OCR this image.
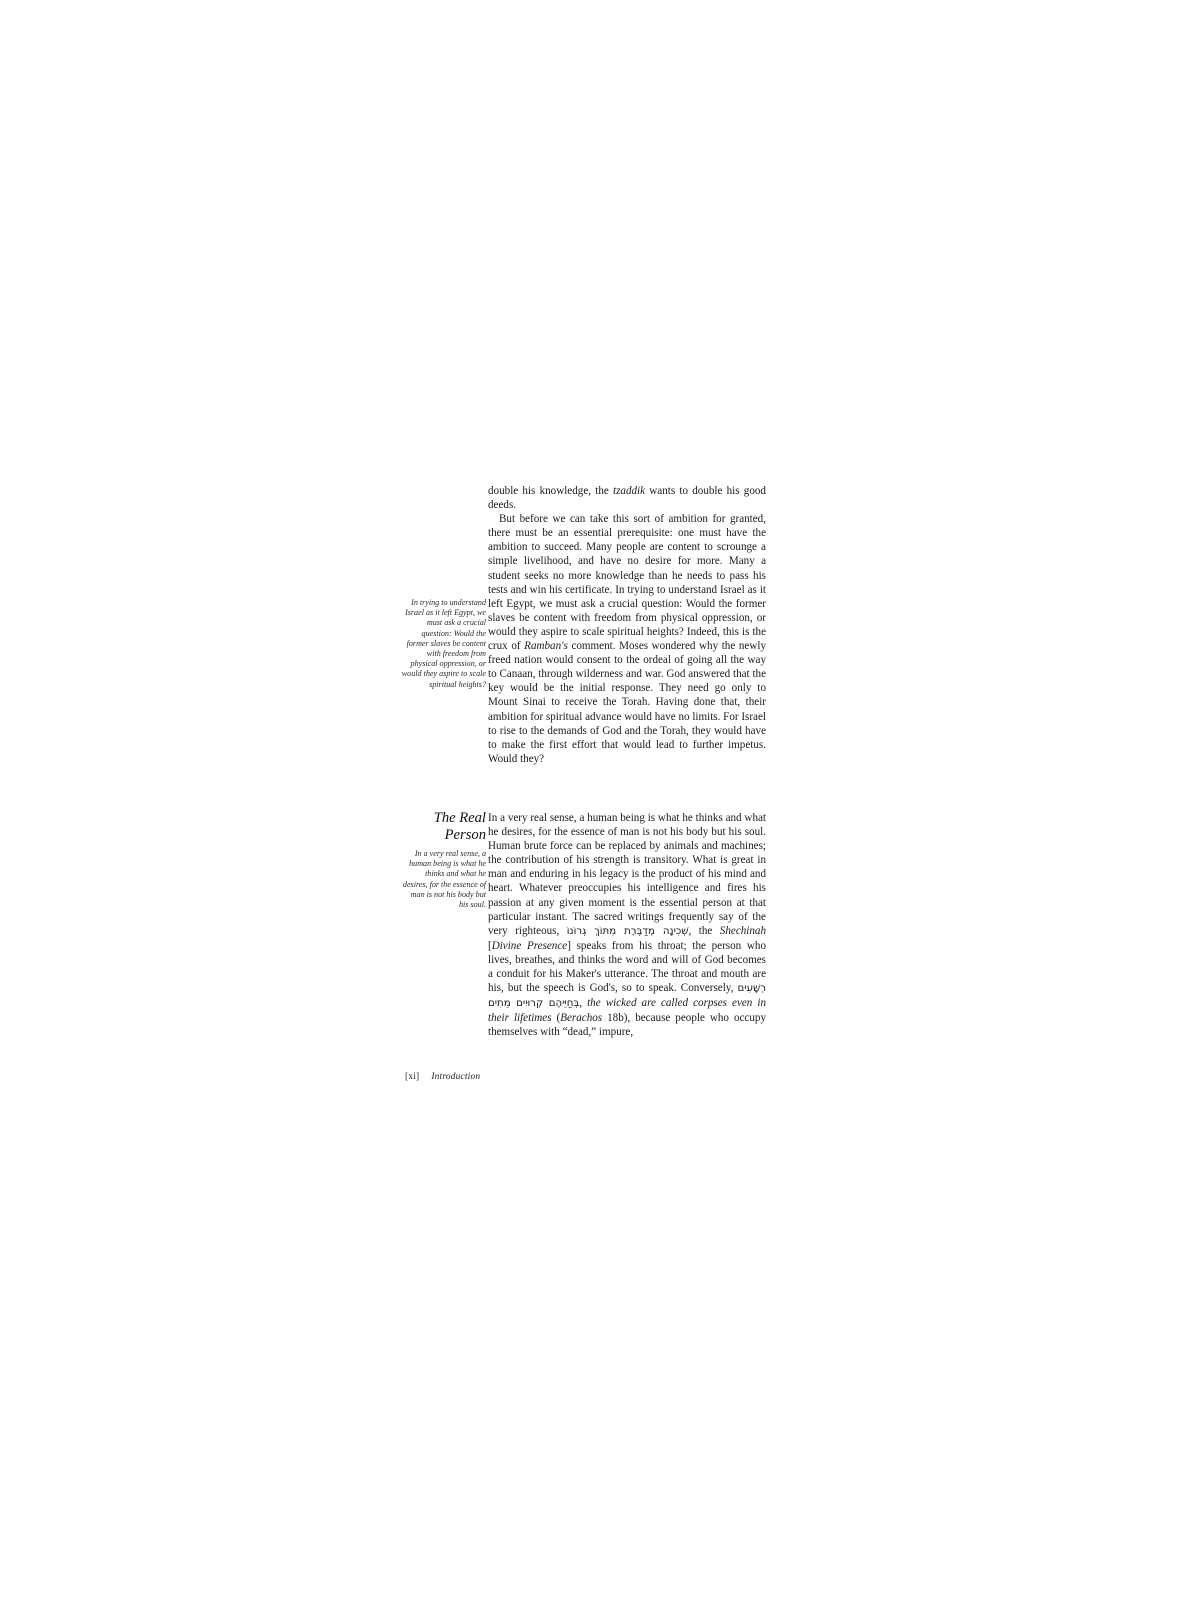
In trying to understand Israel as it left Egypt, we must ask a crucial question: Would the former slaves be content with freedom from physical oppression, or would they aspire to scale spiritual heights?

double his knowledge, the tzaddik wants to double his good deeds.

But before we can take this sort of ambition for granted, there must be an essential prerequisite: one must have the ambition to succeed. Many people are content to scrounge a simple livelihood, and have no desire for more. Many a student seeks no more knowledge than he needs to pass his tests and win his certificate. In trying to understand Israel as it left Egypt, we must ask a crucial question: Would the former slaves be content with freedom from physical oppression, or would they aspire to scale spiritual heights? Indeed, this is the crux of Ramban's comment. Moses wondered why the newly freed nation would consent to the ordeal of going all the way to Canaan, through wilderness and war. God answered that the key would be the initial response. They need go only to Mount Sinai to receive the Torah. Having done that, their ambition for spiritual advance would have no limits. For Israel to rise to the demands of God and the Torah, they would have to make the first effort that would lead to further impetus. Would they?

The Real Person

In a very real sense, a human being is what he thinks and what he desires, for the essence of man is not his body but his soul.

In a very real sense, a human being is what he thinks and what he desires, for the essence of man is not his body but his soul. Human brute force can be replaced by animals and machines; the contribution of his strength is transitory. What is great in man and enduring in his legacy is the product of his mind and heart. Whatever preoccupies his intelligence and fires his passion at any given moment is the essential person at that particular instant. The sacred writings frequently say of the very righteous, שְׁכִינָה מְדַבֶּרֶת מִתּוֹךְ גְרוֹנוֹ, the Shechinah [Divine Presence] speaks from his throat; the person who lives, breathes, and thinks the word and will of God becomes a conduit for his Maker's utterance. The throat and mouth are his, but the speech is God's, so to speak. Conversely, רְשָׁעִים בְּחַיֵּיהֶם קְרוּיִים מֵתִים, the wicked are called corpses even in their lifetimes (Berachos 18b), because people who occupy themselves with “dead,” impure,

[xi] Introduction
